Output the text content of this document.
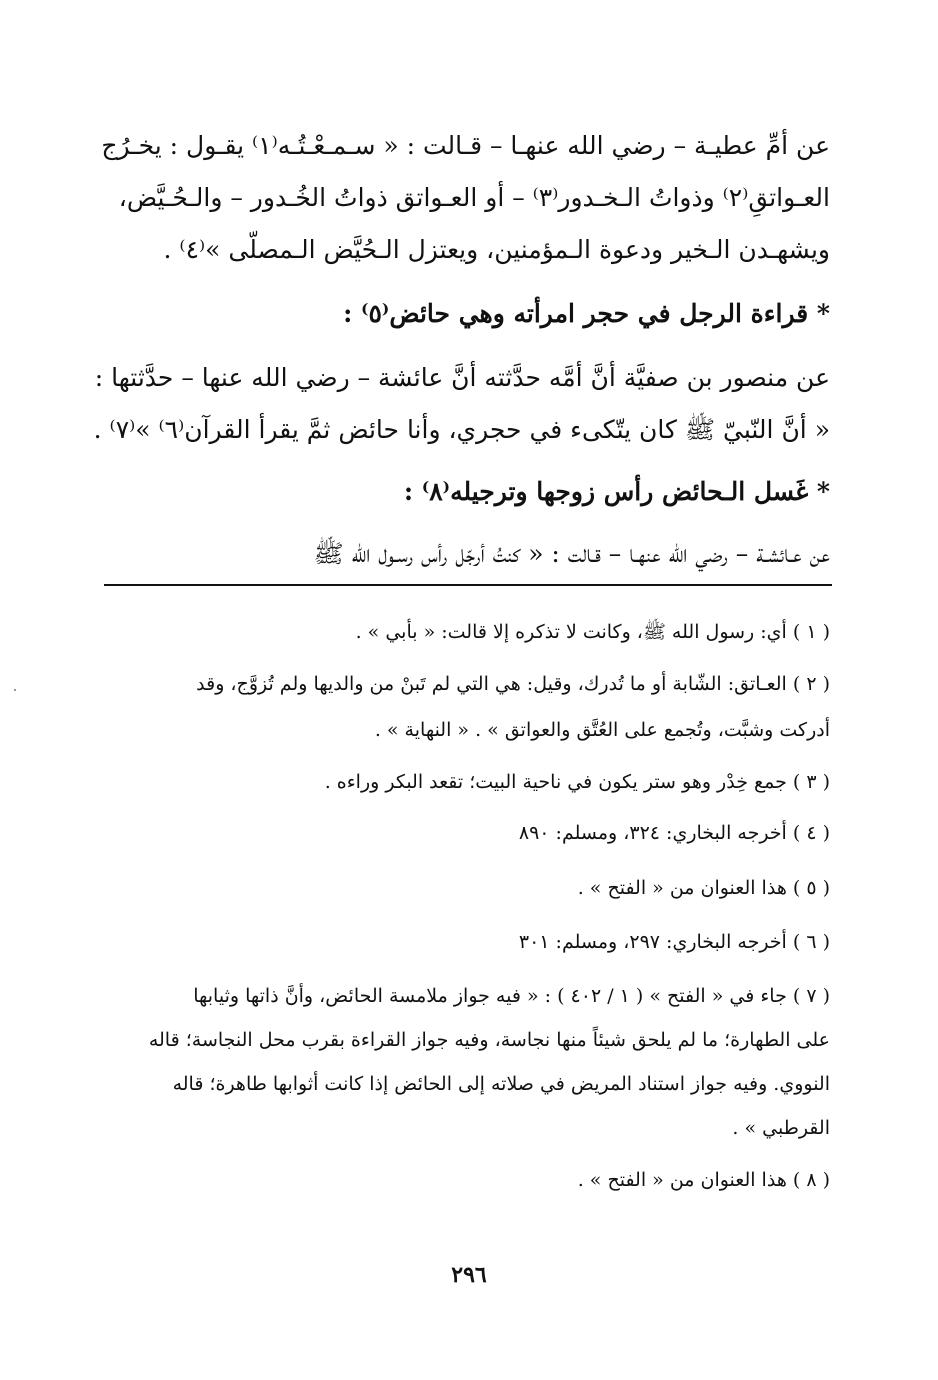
عن أمِّ عطيـة – رضي الله عنهـا – قـالت : « سـمـعْـتُـه⁽١⁾ يقـول : يخـرُج
العـواتقِ⁽٢⁾ وذواتُ الـخـدور⁽٣⁾ – أو العـواتق ذواتُ الخُـدور – والـحُـيَّض،
ويشهـدن الـخير ودعوة الـمؤمنين، ويعتزل الـحُيَّض الـمصلّى »⁽٤⁾ .
* قراءة الرجل في حجر امرأته وهي حائض⁽٥⁾ :
عن منصور بن صفيَّة أنَّ أمَّه حدَّثته أنَّ عائشة – رضي الله عنها – حدَّثتها :
« أنَّ النّبيّ ﷺ كان يتّكىء في حجري، وأنا حائض ثمَّ يقرأ القرآن⁽٦⁾ »⁽٧⁾ .
* غَسل الـحائض رأس زوجها وترجيله⁽٨⁾ :
عن عـائشـة – رضي الله عنهـا – قـالت : « كنتُ أرجّل رأس رسـول الله ﷺ
( ١ ) أي: رسول الله ﷺ، وكانت لا تذكره إلا قالت: « بأبي » .
( ٢ ) العـاتق: الشّابة أو ما تُدرك، وقيل: هي التي لم تَبنْ من والديها ولم تُزوَّج، وقد
أدركت وشبَّت، وتُجمع على العُتَّق والعواتق » . « النهاية » .
( ٣ ) جمع خِدْر وهو ستر يكون في ناحية البيت؛ تقعد البكر وراءه .
( ٤ ) أخرجه البخاري: ٣٢٤، ومسلم: ٨٩٠
( ٥ ) هذا العنوان من « الفتح » .
( ٦ ) أخرجه البخاري: ٢٩٧، ومسلم: ٣٠١
( ٧ ) جاء في « الفتح » ( ١ / ٤٠٢ ) : « فيه جواز ملامسة الحائض، وأنَّ ذاتها وثيابها
على الطهارة؛ ما لم يلحق شيئاً منها نجاسة، وفيه جواز القراءة بقرب محل النجاسة؛ قاله
النووي. وفيه جواز استناد المريض في صلاته إلى الحائض إذا كانت أثوابها طاهرة؛ قاله
القرطبي » .
( ٨ ) هذا العنوان من « الفتح » .
٢٩٦
